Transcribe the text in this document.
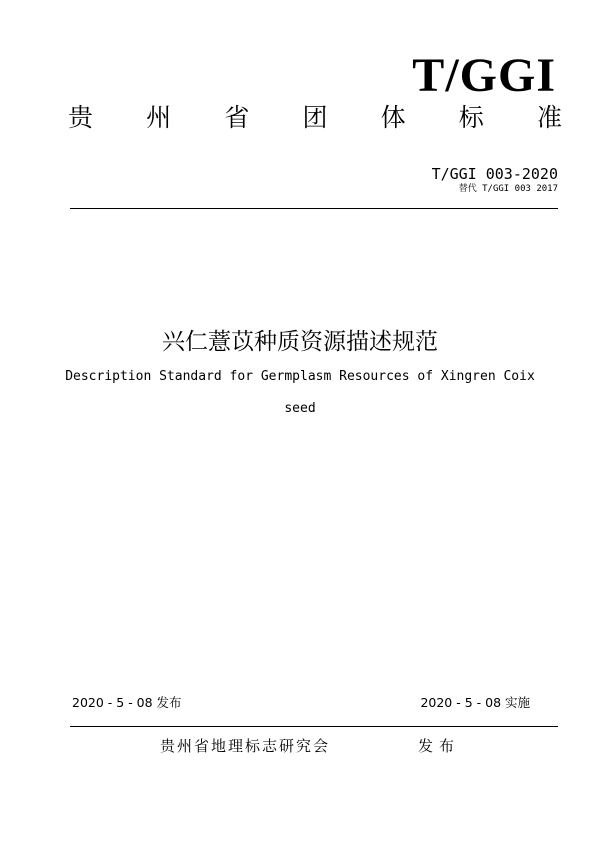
T/GGI
贵 州 省 团 体 标 准
T/GGI 003-2020
替代 T/GGI 003 2017
兴仁薏苡种质资源描述规范
Description Standard for Germplasm Resources of Xingren Coix
seed
2020 - 5 - 08 发布	2020 - 5 - 08 实施
贵州省地理标志研究会	发布
